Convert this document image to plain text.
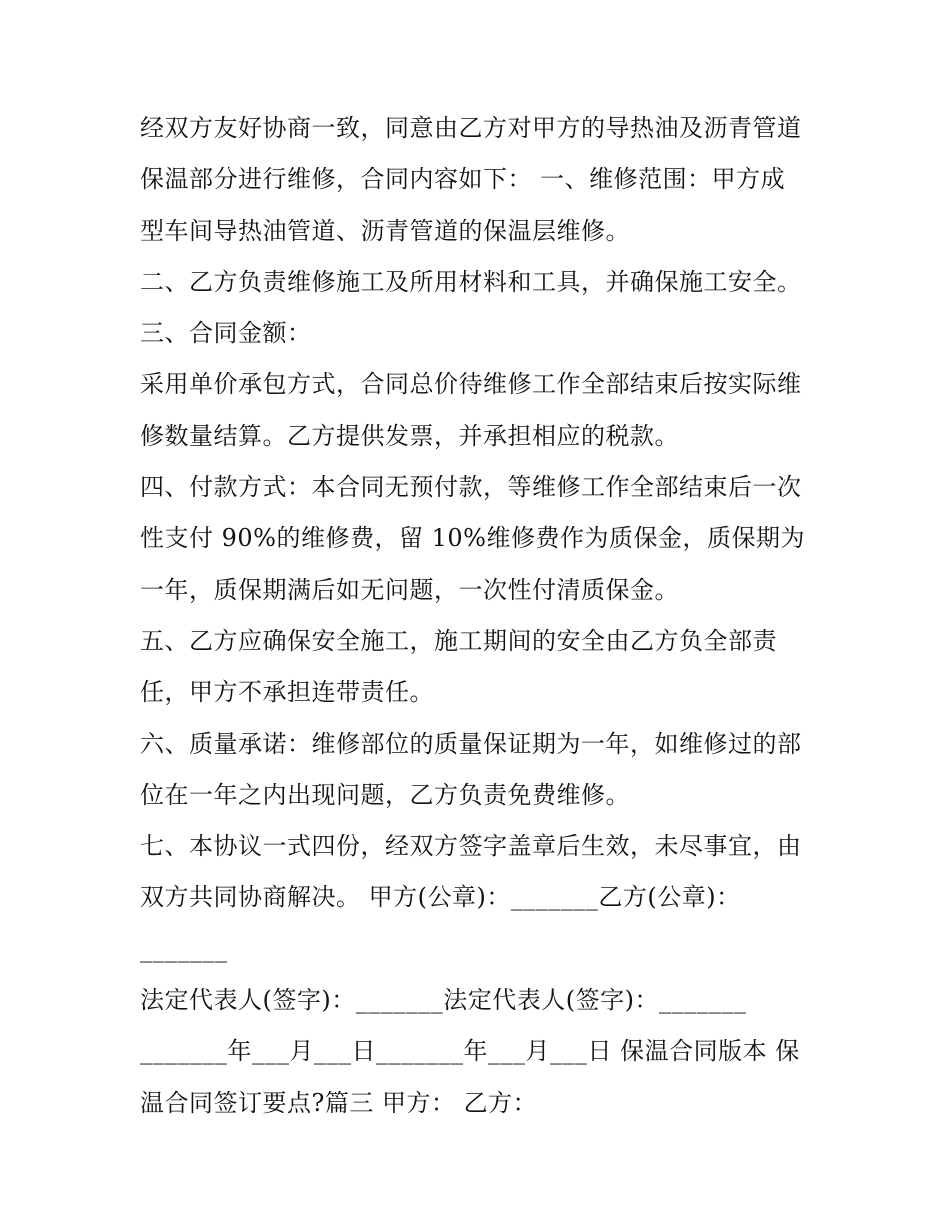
经双方友好协商一致，同意由乙方对甲方的导热油及沥青管道
保温部分进行维修，合同内容如下： 一、维修范围：甲方成
型车间导热油管道、沥青管道的保温层维修。
二、乙方负责维修施工及所用材料和工具，并确保施工安全。
三、合同金额：
采用单价承包方式，合同总价待维修工作全部结束后按实际维
修数量结算。乙方提供发票，并承担相应的税款。
四、付款方式：本合同无预付款，等维修工作全部结束后一次
性支付 90%的维修费，留 10%维修费作为质保金，质保期为
一年，质保期满后如无问题，一次性付清质保金。
五、乙方应确保安全施工，施工期间的安全由乙方负全部责
任，甲方不承担连带责任。
六、质量承诺：维修部位的质量保证期为一年，如维修过的部
位在一年之内出现问题，乙方负责免费维修。
七、本协议一式四份，经双方签字盖章后生效，未尽事宜，由
双方共同协商解决。 甲方(公章)：_______乙方(公章)：
_______
法定代表人(签字)：_______法定代表人(签字)：_______
_______年___月___日_______年___月___日 保温合同版本 保
温合同签订要点?篇三 甲方： 乙方：
